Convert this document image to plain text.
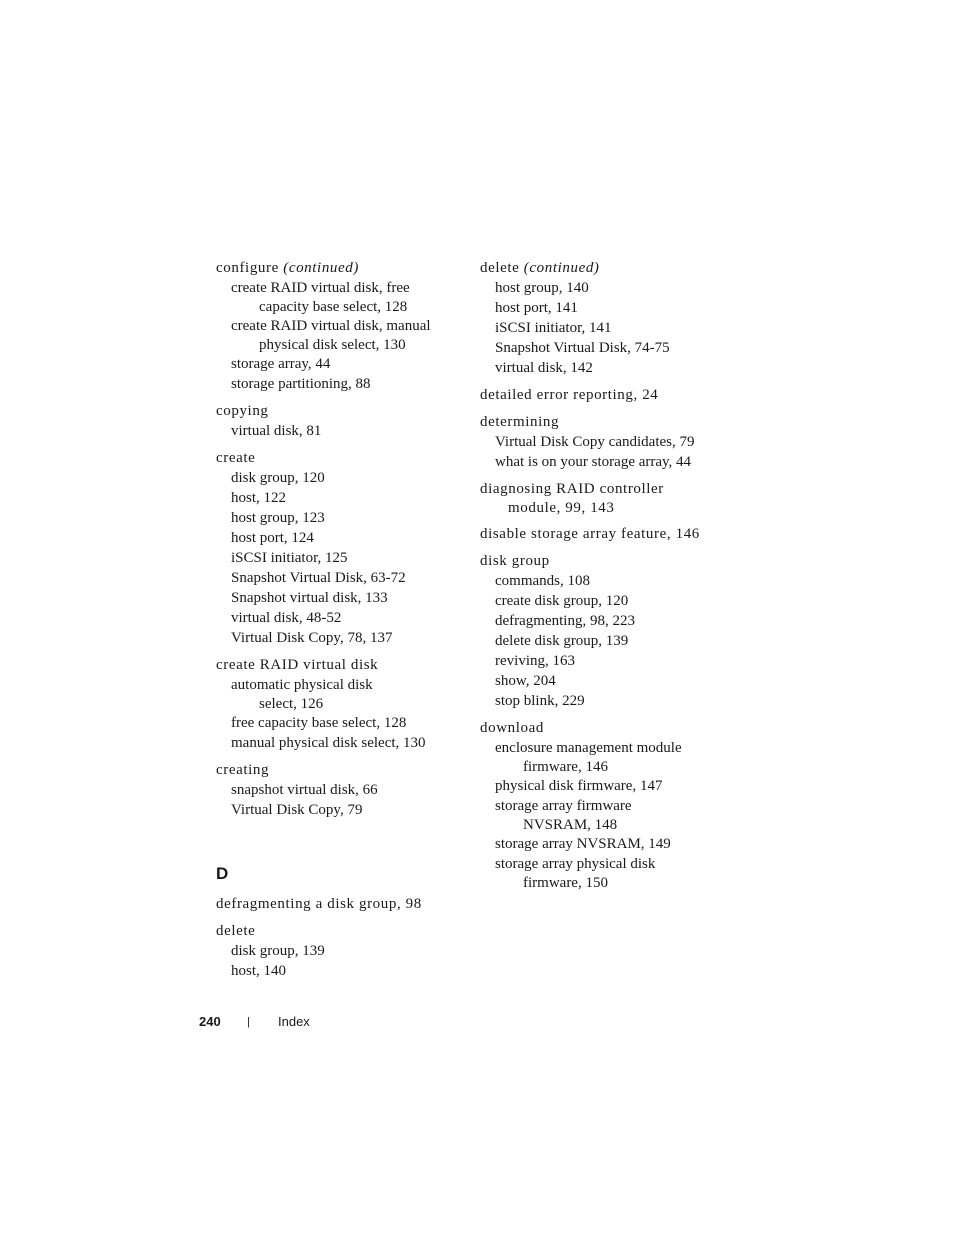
configure (continued)
create RAID virtual disk, free
capacity base select, 128
create RAID virtual disk, manual
physical disk select, 130
storage array, 44
storage partitioning, 88
copying
virtual disk, 81
create
disk group, 120
host, 122
host group, 123
host port, 124
iSCSI initiator, 125
Snapshot Virtual Disk, 63-72
Snapshot virtual disk, 133
virtual disk, 48-52
Virtual Disk Copy, 78, 137
create RAID virtual disk
automatic physical disk
select, 126
free capacity base select, 128
manual physical disk select, 130
creating
snapshot virtual disk, 66
Virtual Disk Copy, 79
D
defragmenting a disk group, 98
delete
disk group, 139
host, 140
delete (continued)
host group, 140
host port, 141
iSCSI initiator, 141
Snapshot Virtual Disk, 74-75
virtual disk, 142
detailed error reporting, 24
determining
Virtual Disk Copy candidates, 79
what is on your storage array, 44
diagnosing RAID controller
module, 99, 143
disable storage array feature, 146
disk group
commands, 108
create disk group, 120
defragmenting, 98, 223
delete disk group, 139
reviving, 163
show, 204
stop blink, 229
download
enclosure management module
firmware, 146
physical disk firmware, 147
storage array firmware
NVSRAM, 148
storage array NVSRAM, 149
storage array physical disk
firmware, 150
240 | Index
